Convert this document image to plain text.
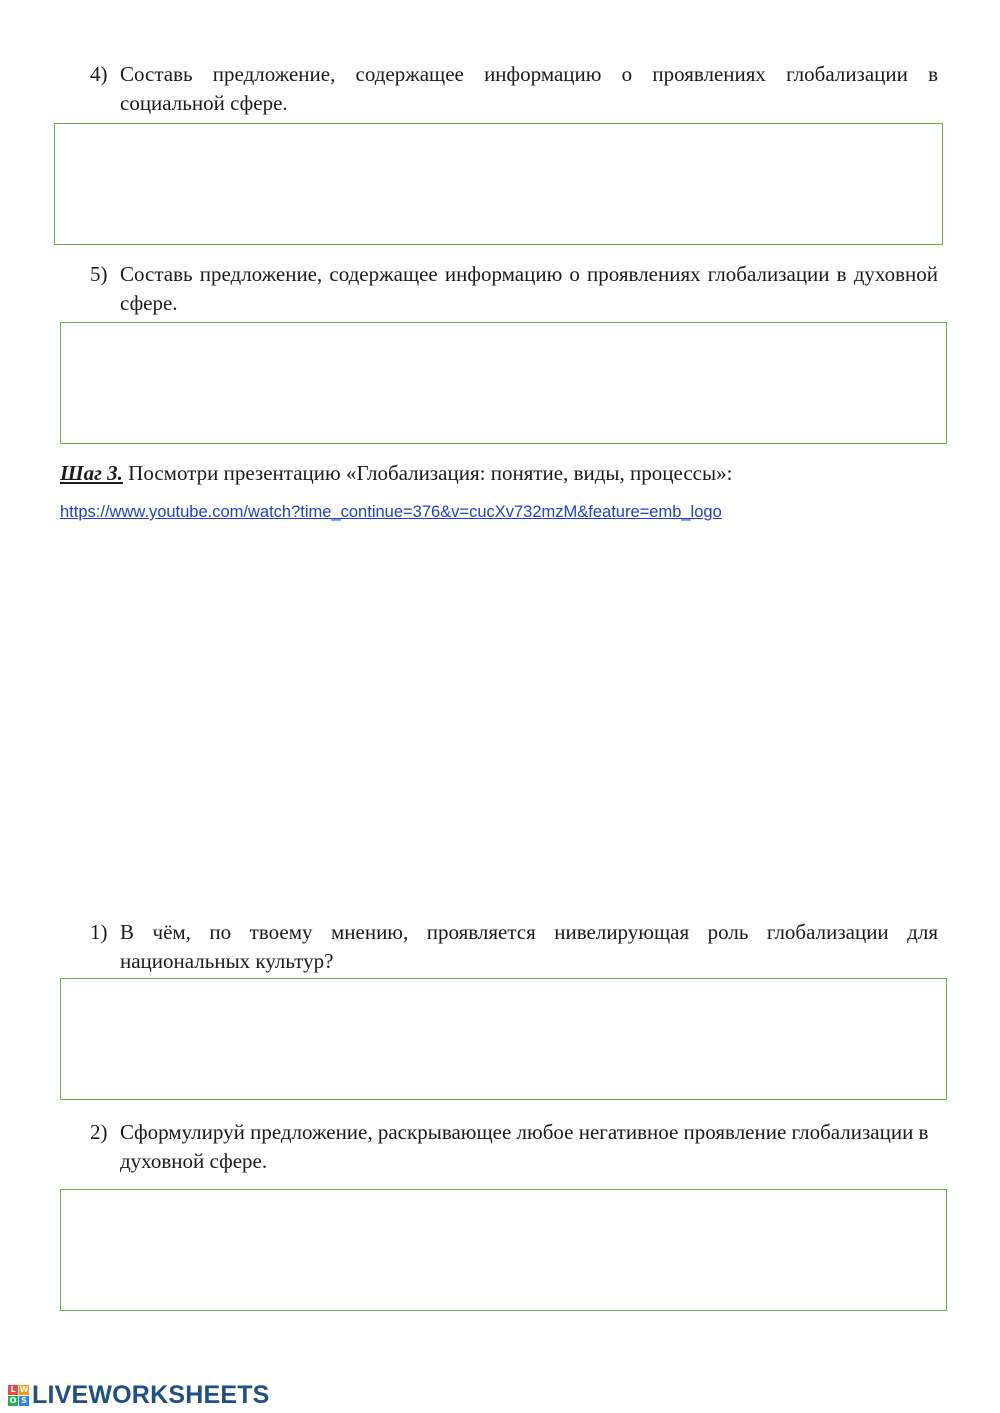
4) Составь предложение, содержащее информацию о проявлениях глобализации в социальной сфере.
5) Составь предложение, содержащее информацию о проявлениях глобализации в духовной сфере.
Шаг 3. Посмотри презентацию «Глобализация: понятие, виды, процессы»:
https://www.youtube.com/watch?time_continue=376&v=cucXv732mzM&feature=emb_logo
1) В чём, по твоему мнению, проявляется нивелирующая роль глобализации для национальных культур?
2) Сформулируй предложение, раскрывающее любое негативное проявление глобализации в духовной сфере.
L W
O S LIVEWORKSHEETS
